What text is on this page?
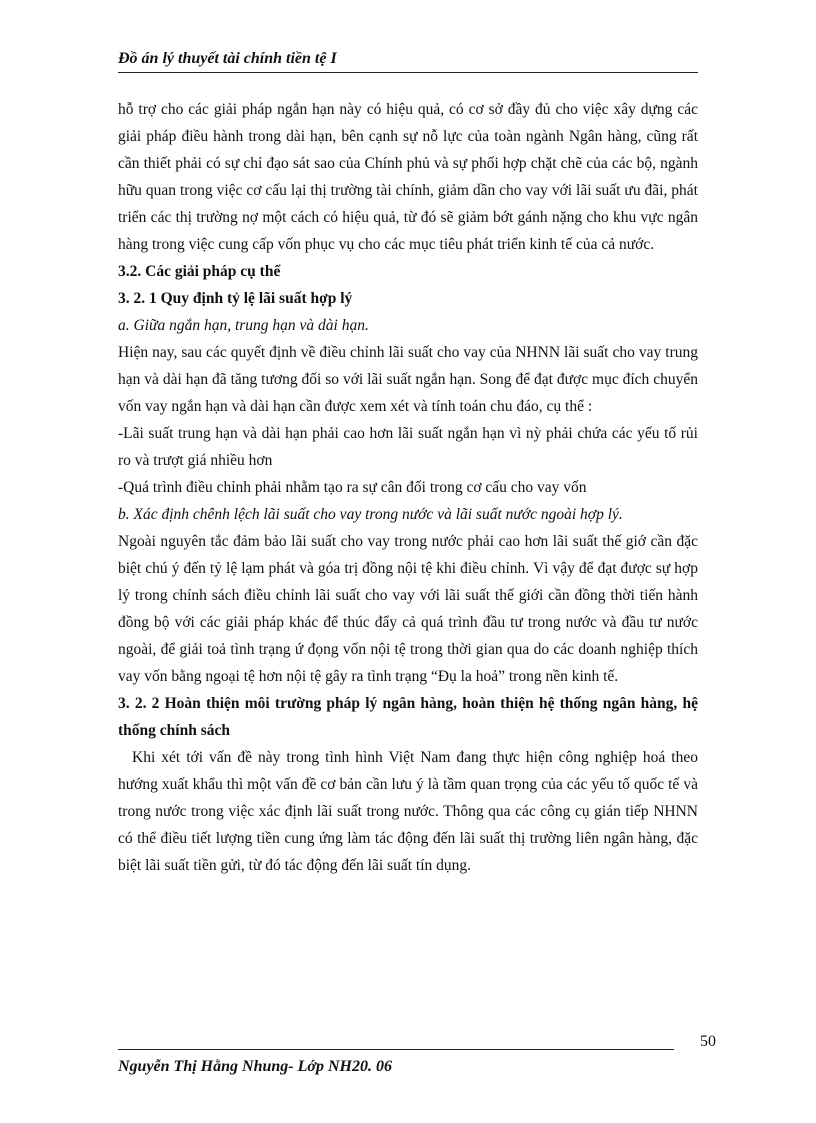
Đồ án lý thuyết tài chính tiền tệ I

hỗ trợ cho các giải pháp ngắn hạn này có hiệu quả, có cơ sở đầy đủ cho việc xây dựng các giải pháp điều hành trong dài hạn, bên cạnh sự nỗ lực của toàn ngành Ngân hàng, cũng rất cần thiết phải có sự chỉ đạo sát sao của Chính phủ và sự phối hợp chặt chẽ của các bộ, ngành hữu quan trong việc cơ cấu lại thị trường tài chính, giảm dần cho vay với lãi suất ưu đãi, phát triển các thị trường nợ một cách có hiệu quả, từ đó sẽ giảm bớt gánh nặng cho khu vực ngân hàng trong việc cung cấp vốn phục vụ cho các mục tiêu phát triển kinh tế của cả nước.

3.2. Các giải pháp cụ thể

3. 2. 1 Quy định tỷ lệ lãi suất hợp lý

a. Giữa ngắn hạn, trung hạn và dài hạn.

Hiện nay, sau các quyết định về điều chỉnh lãi suất cho vay của NHNN lãi suất cho vay trung hạn và dài hạn đã tăng tương đối so với lãi suất ngắn hạn. Song để đạt được mục đích chuyển vốn vay ngắn hạn và dài hạn cần được xem xét và tính toán chu đáo, cụ thể :

-Lãi suất trung hạn và dài hạn phải cao hơn lãi suất ngắn hạn vì nỳ phải chứa các yếu tố rủi ro và trượt giá nhiều hơn

-Quá trình điều chỉnh phải nhằm tạo ra sự cân đối trong cơ cấu cho vay vốn

b. Xác định chênh lệch lãi suất cho vay trong nước và lãi suất nước ngoài hợp lý.

Ngoài nguyên tắc đảm bảo lãi suất cho vay trong nước phải cao hơn lãi suất thế giớ cần đặc biệt chú ý đến tỷ lệ lạm phát và góa trị đồng nội tệ khi điều chỉnh. Vì vậy để đạt được sự hợp lý trong chính sách điều chỉnh lãi suất cho vay với lãi suất thế giới cần đồng thời tiến hành đồng bộ với các giải pháp khác để thúc đẩy cả quá trình đầu tư trong nước và đầu tư nước ngoài, để giải toả tình trạng ứ đọng vốn nội tệ trong thời gian qua do các doanh nghiệp thích vay vốn bằng ngoại tệ hơn nội tệ gây ra tình trạng “Đụ la hoả” trong nền kinh tế.

3. 2. 2 Hoàn thiện môi trường pháp lý ngân hàng, hoàn thiện hệ thống ngân hàng, hệ thống chính sách

Khi xét tới vấn đề này trong tình hình Việt Nam đang thực hiện công nghiệp hoá theo hướng xuất khẩu thì một vấn đề cơ bản cần lưu ý là tầm quan trọng của các yếu tố quốc tế và trong nước trong việc xác định lãi suất trong nước. Thông qua các công cụ gián tiếp NHNN có thể điều tiết lượng tiền cung ứng làm tác động đến lãi suất thị trường liên ngân hàng, đặc biệt lãi suất tiền gửi, từ đó tác động đến lãi suất tín dụng.

50
Nguyễn Thị Hằng Nhung- Lớp NH20. 06
